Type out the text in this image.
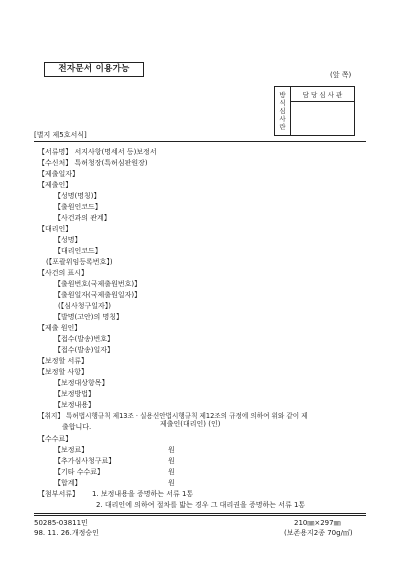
전자문서 이용가능
(앞 쪽)
방
식
심
사
란	담 당 심 사 관

[별지 제5호서식]
【서류명】 서지사항(명세서 등)보정서
【수신처】 특허청장(특허심판원장)
【제출일자】
【제출인】
【성명(명칭)】
【출원인코드】
【사건과의 관계】
【대리인】
【성명】
【대리인코드】
(【포괄위임등록번호】)
【사건의 표시】
【출원번호(국제출원번호)】
【출원일자(국제출원일자)】
(【심사청구일자】)
【발명(고안)의 명칭】
【제출 원인】
【접수(발송)번호】
【접수(발송)일자】
【보정할 서류】
【보정할 사항】
【보정대상항목】
【보정방법】
【보정내용】
【취지】 특허법시행규칙 제13조 · 실용신안법시행규칙 제12조의 규정에 의하여 위와 같이 제
출합니다.	제출인(대리인) (인)
【수수료】
【보정료】	원
【추가심사청구료】	원
【기타 수수료】	원
【합계】	원
【첨부서류】 1. 보정내용을 증명하는 서류 1통
2. 대리인에 의하여 절차를 밟는 경우 그 대리권을 증명하는 서류 1통
50285-03811민
98. 11. 26.개정승인
210㎜×297㎜
(보존용지2종 70g/㎡)
